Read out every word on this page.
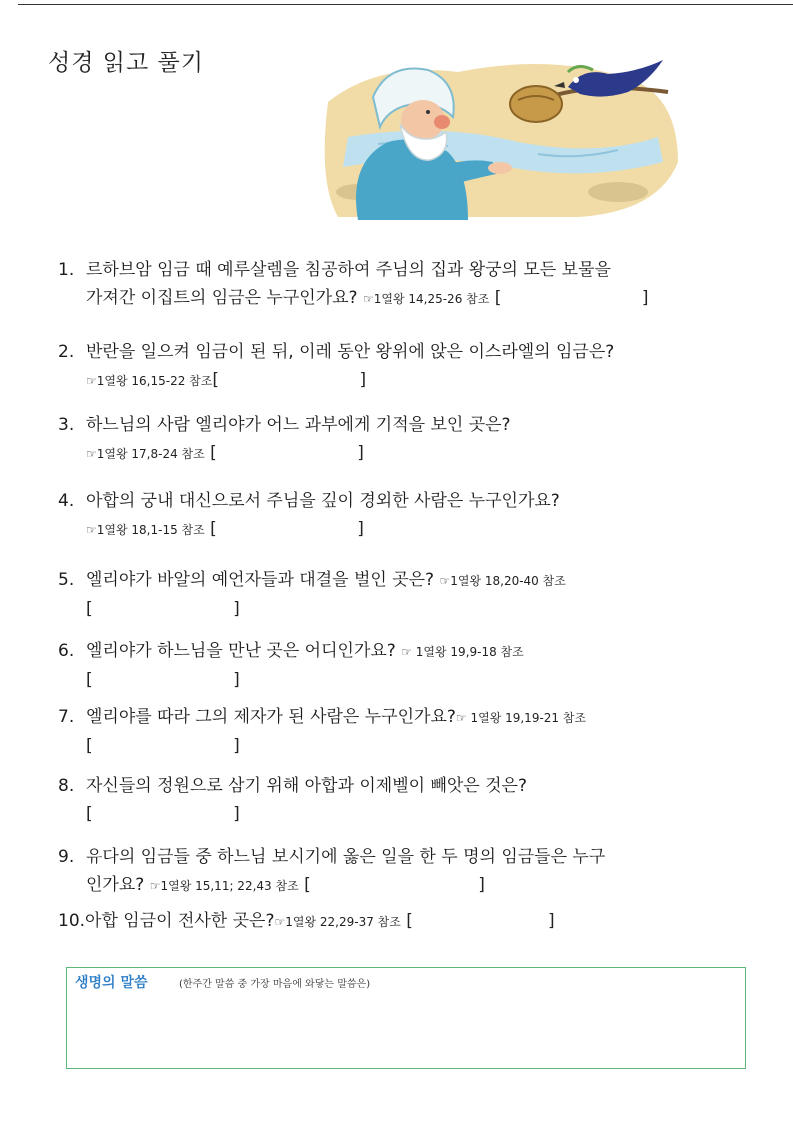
성경 읽고 풀기
1. 르하브암 임금 때 예루살렘을 침공하여 주님의 집과 왕궁의 모든 보물을
가져간 이집트의 임금은 누구인가요? ☞1열왕 14,25-26 참조 [	]
2. 반란을 일으켜 임금이 된 뒤, 이레 동안 왕위에 앉은 이스라엘의 임금은?
☞1열왕 16,15-22 참조[	]
3. 하느님의 사람 엘리야가 어느 과부에게 기적을 보인 곳은?
☞1열왕 17,8-24 참조 [	]
4. 아합의 궁내 대신으로서 주님을 깊이 경외한 사람은 누구인가요?
☞1열왕 18,1-15 참조 [	]
5. 엘리야가 바알의 예언자들과 대결을 벌인 곳은? ☞1열왕 18,20-40 참조
[	]
6. 엘리야가 하느님을 만난 곳은 어디인가요? ☞ 1열왕 19,9-18 참조
[	]
7. 엘리야를 따라 그의 제자가 된 사람은 누구인가요?☞ 1열왕 19,19-21 참조
[	]
8. 자신들의 정원으로 삼기 위해 아합과 이제벨이 빼앗은 것은?
[	]
9. 유다의 임금들 중 하느님 보시기에 옳은 일을 한 두 명의 임금들은 누구
인가요? ☞1열왕 15,11; 22,43 참조 [	]
10.아합 임금이 전사한 곳은?☞1열왕 22,29-37 참조 [	]
생명의 말씀	(한주간 말씀 중 가장 마음에 와닿는 말씀은)
